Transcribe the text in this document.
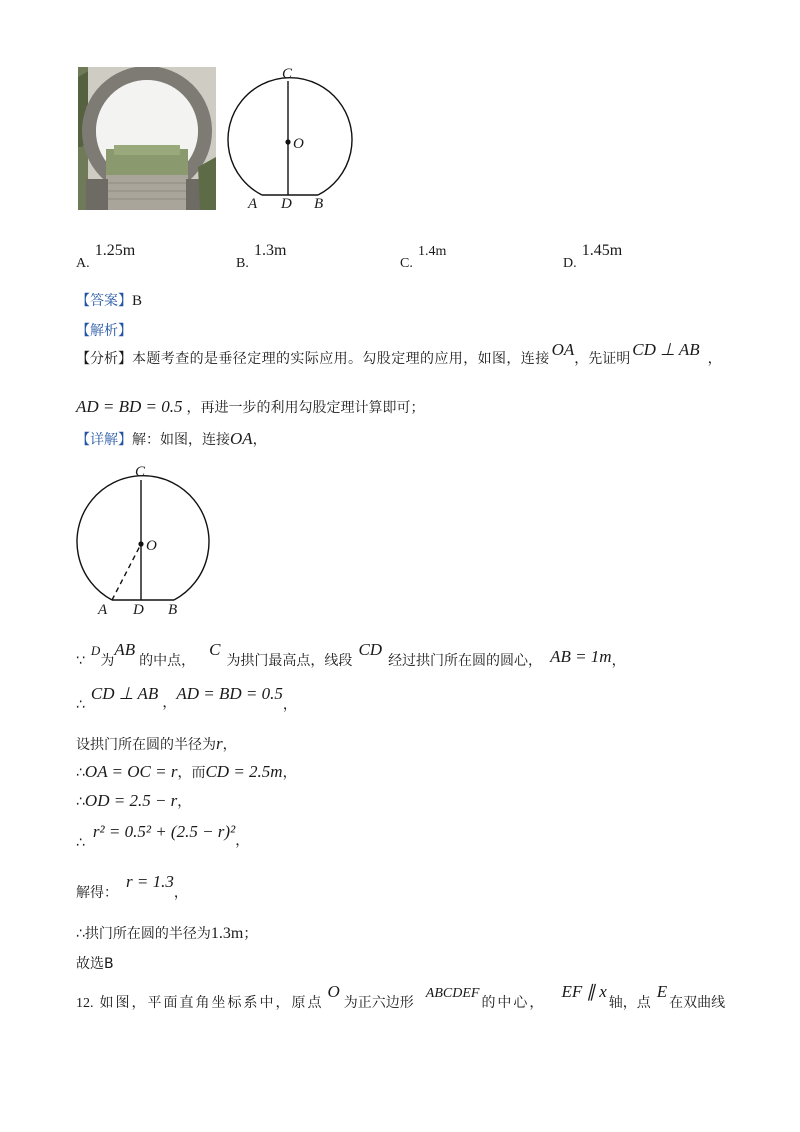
C
O
A D B
A. 1.25m
B. 1.3m
C. 1.4m
D. 1.45m
【答案】B
【解析】
【分析】本题考查的是垂径定理的实际应用。勾股定理的应用，如图，连接 OA，先证明 CD ⊥ AB ，
AD = BD = 0.5 ，再进一步的利用勾股定理计算即可；
【详解】解：如图，连接OA，
C
O
A D B
∵D为AB的中点，C为拱门最高点，线段CD经过拱门所在圆的圆心， AB = 1m，
∴CD ⊥ AB ，AD = BD = 0.5，
设拱门所在圆的半径为r，
∴OA = OC = r，而CD = 2.5m，
∴OD = 2.5 − r，
∴r² = 0.5² + (2.5 − r)²，
解得：r = 1.3，
∴拱门所在圆的半径为1.3m；
故选B
12. 如图，平面直角坐标系中，原点O为正六边形ABCDEF的中心，EF ∥ x轴，点E在双曲线
